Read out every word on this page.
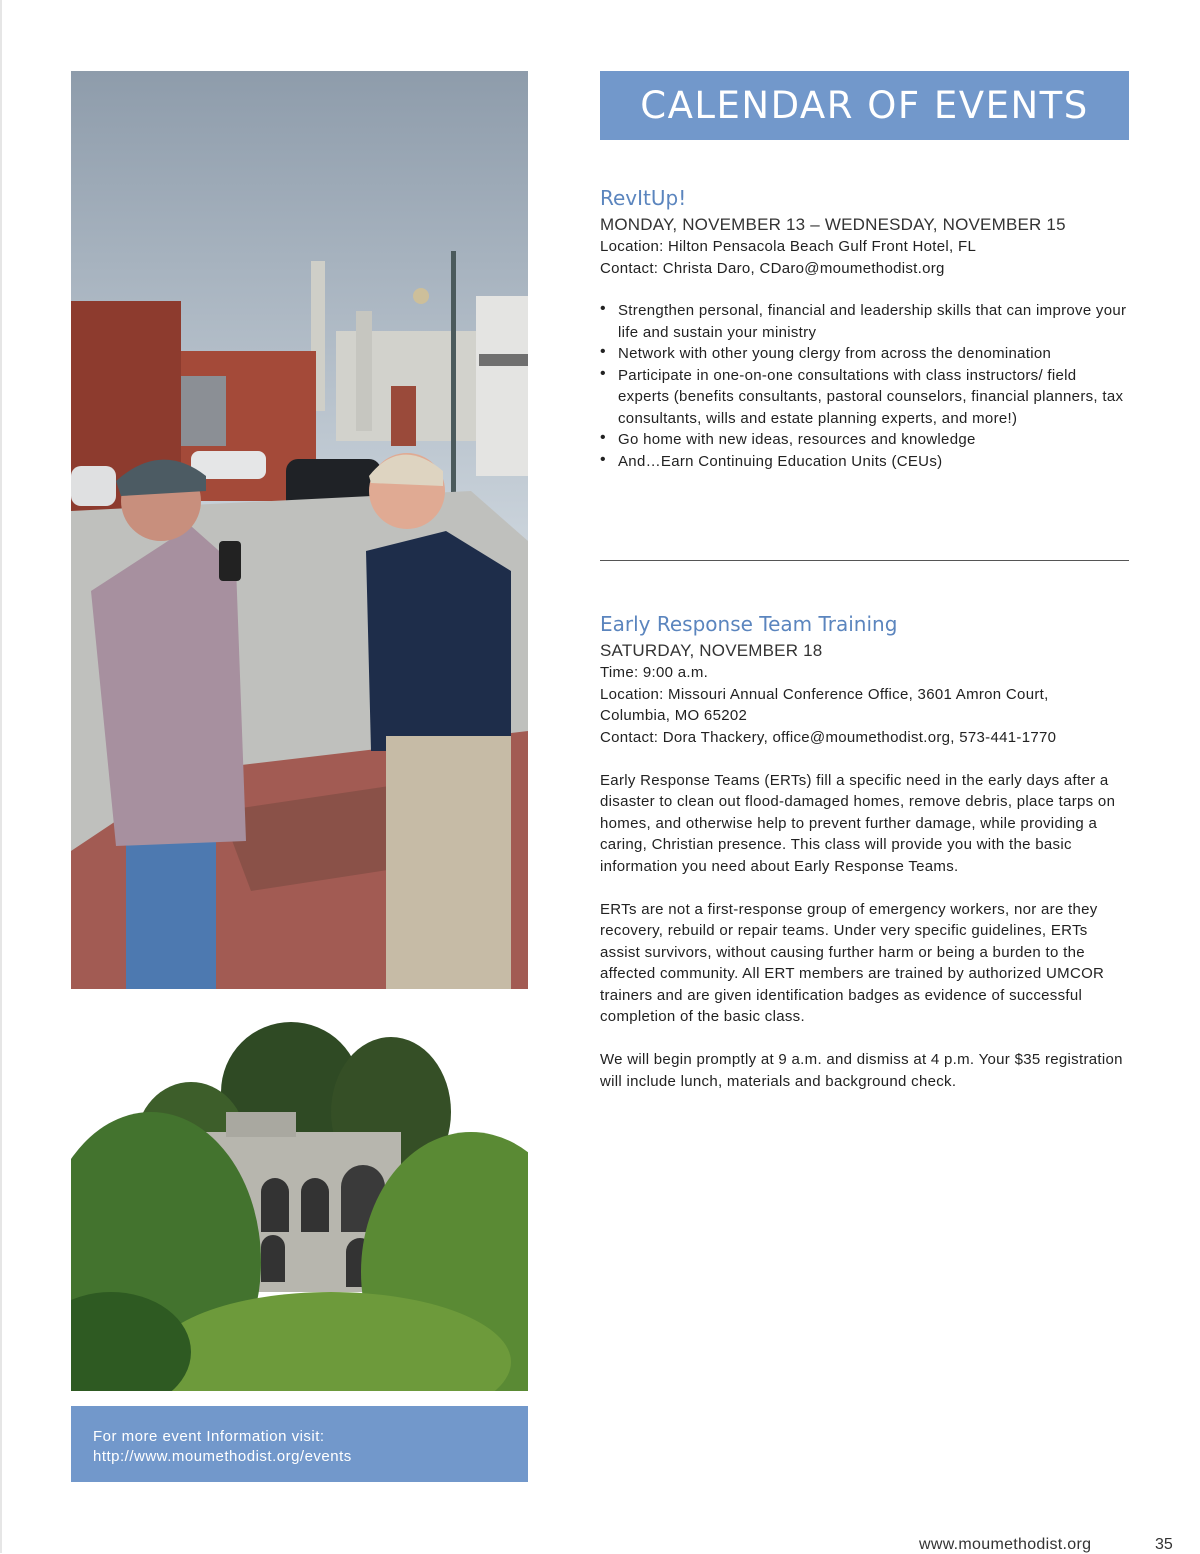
For more event Information visit:
http://www.moumethodist.org/events
CALENDAR OF EVENTS
RevItUp!
MONDAY, NOVEMBER 13 – WEDNESDAY, NOVEMBER 15
Location: Hilton Pensacola Beach Gulf Front Hotel, FL
Contact: Christa Daro, CDaro@moumethodist.org
• Strengthen personal, financial and leadership skills that can improve your life and sustain your ministry
• Network with other young clergy from across the denomination
• Participate in one-on-one consultations with class instructors/ field experts (benefits consultants, pastoral counselors, financial planners, tax consultants, wills and estate planning experts, and more!)
• Go home with new ideas, resources and knowledge
• And…Earn Continuing Education Units (CEUs)
Early Response Team Training
SATURDAY, NOVEMBER 18
Time: 9:00 a.m.
Location: Missouri Annual Conference Office, 3601 Amron Court,
Columbia, MO 65202
Contact: Dora Thackery, office@moumethodist.org, 573-441-1770
Early Response Teams (ERTs) fill a specific need in the early days after a disaster to clean out flood-damaged homes, remove debris, place tarps on homes, and otherwise help to prevent further damage, while providing a caring, Christian presence. This class will provide you with the basic information you need about Early Response Teams.
ERTs are not a first-response group of emergency workers, nor are they recovery, rebuild or repair teams. Under very specific guidelines, ERTs assist survivors, without causing further harm or being a burden to the affected community. All ERT members are trained by authorized UMCOR trainers and are given identification badges as evidence of successful completion of the basic class.
We will begin promptly at 9 a.m. and dismiss at 4 p.m. Your $35 registration will include lunch, materials and background check.
www.moumethodist.org	35
